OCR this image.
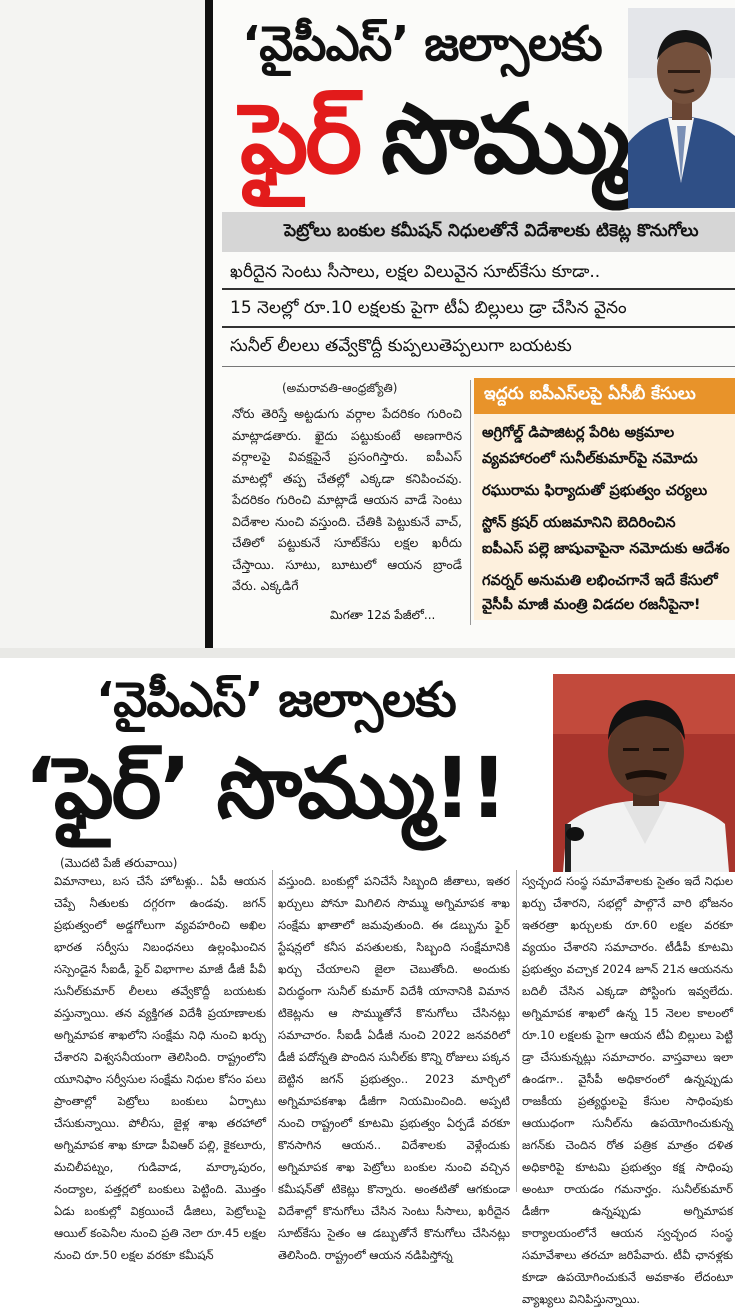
‘వైపీఎస్’ జల్సాలకు
ఫైర్ సొమ్ము
పెట్రోలు బంకుల కమీషన్ నిధులతోనే విదేశాలకు టికెట్ల కొనుగోలు
ఖరీదైన సెంటు సీసాలు, లక్షల విలువైన సూట్‌కేసు కూడా..
15 నెలల్లో రూ.10 లక్షలకు పైగా టీఏ బిల్లులు డ్రా చేసిన వైనం
సునీల్ లీలలు తవ్వేకొద్దీ కుప్పలుతెప్పలుగా బయటకు
(అమరావతి-ఆంధ్రజ్యోతి)

నోరు తెరిస్తే అట్టడుగు వర్గాల పేదరికం గురించి మాట్లాడతారు. ఖైదు పట్టుకుంటే అణగారిన వర్గాలపై వివక్షపైనే ప్రసంగిస్తారు. ఐపీఎస్ మాటల్లో తప్ప చేతల్లో ఎక్కడా కనిపించవు. పేదరికం గురించి మాట్లాడే ఆయన వాడే సెంటు విదేశాల నుంచి వస్తుంది. చేతికి పెట్టుకునే వాచ్, చేతిలో పట్టుకునే సూట్‌కేసు లక్షల ఖరీదు చేస్తాయి. సూటు, బూటులో ఆయన బ్రాండే వేరు. ఎక్కడిగే

మిగతా 12వ పేజీలో...
ఇద్దరు ఐపీఎస్‌లపై ఏసీబీ కేసులు
అగ్రిగోల్డ్ డిపాజిటర్ల పేరిట అక్రమాల
వ్యవహారంలో సునీల్‌కుమార్‌పై నమోదు
రఘురామ ఫిర్యాదుతో ప్రభుత్వం చర్యలు
స్టోన్ క్రషర్ యజమానిని బెదిరించిన
ఐపీఎస్ పల్లె జాషువాపైనా నమోదుకు ఆదేశం
గవర్నర్ అనుమతి లభించగానే ఇదే కేసులో
వైసీపీ మాజీ మంత్రి విడదల రజనీపైనా!
‘వైపీఎస్’ జల్సాలకు
‘ఫైర్’ సొమ్ము!!
(మొదటి పేజీ తరువాయి)

విమానాలు, బస చేసే హోటళ్లు.. ఏపీ ఆయన చెప్పే నీతులకు దగ్గరగా ఉండవు. జగన్ ప్రభుత్వంలో అడ్డగోలుగా వ్యవహరించి అఖిల భారత సర్వీసు నిబంధనలు ఉల్లంఘించిన సస్పెండైన సీఐడీ, ఫైర్ విభాగాల మాజీ డీజీ పీవీ సునీల్‌కుమార్ లీలలు తవ్వేకొద్దీ బయటకు వస్తున్నాయి. తన వ్యక్తిగత విదేశీ ప్రయాణాలకు అగ్నిమాపక శాఖలోని సంక్షేమ నిధి నుంచి ఖర్చు చేశారని విశ్వసనీయంగా తెలిసింది. రాష్ట్రంలోని యూనిఫాం సర్వీసుల సంక్షేమ నిధుల కోసం పలు ప్రాంతాల్లో పెట్రోలు బంకులు ఏర్పాటు చేసుకున్నాయి. పోలీసు, జైళ్ల శాఖ తరహాలో అగ్నిమాపక శాఖ కూడా పీవిఆర్ పల్లి, కైకలూరు, మచిలీపట్నం, గుడివాడ, మార్కాపురం, నంద్యాల, పత్తర్లలో బంకులు పెట్టింది. మొత్తం ఏడు బంకుల్లో విక్రయించే డీజిలు, పెట్రోలుపై ఆయిల్ కంపెనీల నుంచి ప్రతి నెలా రూ.45 లక్షల నుంచి రూ.50 లక్షల వరకూ కమీషన్

వస్తుంది. బంకుల్లో పనిచేసే సిబ్బంది జీతాలు, ఇతర ఖర్చులు పోనూ మిగిలిన సొమ్ము అగ్నిమాపక శాఖ సంక్షేమ ఖాతాలో జమవుతుంది. ఈ డబ్బును ఫైర్ స్టేషన్లలో కనీస వసతులకు, సిబ్బంది సంక్షేమానికి ఖర్చు చేయాలని జైలా చెబుతోంది. అందుకు విరుద్ధంగా సునీల్ కుమార్ విదేశీ యానానికి విమాన టికెట్లను ఆ సొమ్ముతోనే కొనుగోలు చేసినట్లు సమాచారం. సీఐడీ ఏడీజీ నుంచి 2022 జనవరిలో డీజీ పదోన్నతి పొందిన సునీల్‌కు కొన్ని రోజులు పక్కన బెట్టిన జగన్ ప్రభుత్వం.. 2023 మార్చిలో అగ్నిమాపకశాఖ డీజీగా నియమించింది. అప్పటి నుంచి రాష్ట్రంలో కూటమి ప్రభుత్వం ఏర్పడే వరకూ కొనసాగిన ఆయన.. విదేశాలకు వెళ్లేందుకు అగ్నిమాపక శాఖ పెట్రోలు బంకుల నుంచి వచ్చిన కమీషన్‌తో టికెట్లు కొన్నారు. అంతటితో ఆగకుండా విదేశాల్లో కొనుగోలు చేసిన సెంటు సీసాలు, ఖరీదైన సూట్‌కేసు సైతం ఆ డబ్బుతోనే కొనుగోలు చేసినట్లు తెలిసింది. రాష్ట్రంలో ఆయన నడిపిస్తోన్న

స్వచ్ఛంద సంస్థ సమావేశాలకు సైతం ఇదే నిధుల ఖర్చు చేశారని, సభల్లో పాల్గొనే వారి భోజనం ఇతరత్రా ఖర్చులకు రూ.60 లక్షల వరకూ వ్యయం చేశారని సమాచారం. టీడీపీ కూటమి ప్రభుత్వం వచ్చాక 2024 జూన్ 21న ఆయనను బదిలీ చేసిన ఎక్కడా పోస్టింగు ఇవ్వలేదు. అగ్నిమాపక శాఖలో ఉన్న 15 నెలల కాలంలో రూ.10 లక్షలకు పైగా ఆయన టీఏ బిల్లులు పెట్టి డ్రా చేసుకున్నట్లు సమాచారం. వాస్తవాలు ఇలా ఉండగా.. వైసీపీ అధికారంలో ఉన్నప్పుడు రాజకీయ ప్రత్యర్థులపై కేసుల సాధింపుకు ఆయుధంగా సునీల్‌ను ఉపయోగించుకున్న జగన్‌కు చెందిన రోత పత్రిక మాత్రం దళిత అధికారిపై కూటమి ప్రభుత్వం కక్ష సాధింపు అంటూ రాయడం గమనార్హం. సునీల్‌కుమార్ డీజీగా ఉన్నప్పుడు అగ్నిమాపక కార్యాలయంలోనే ఆయన స్వచ్ఛంద సంస్థ సమావేశాలు తరచూ జరిపేవారు. టీవీ ఛానళ్లకు కూడా ఉపయోగించుకునే అవకాశం లేదంటూ వ్యాఖ్యలు వినిపిస్తున్నాయి.
